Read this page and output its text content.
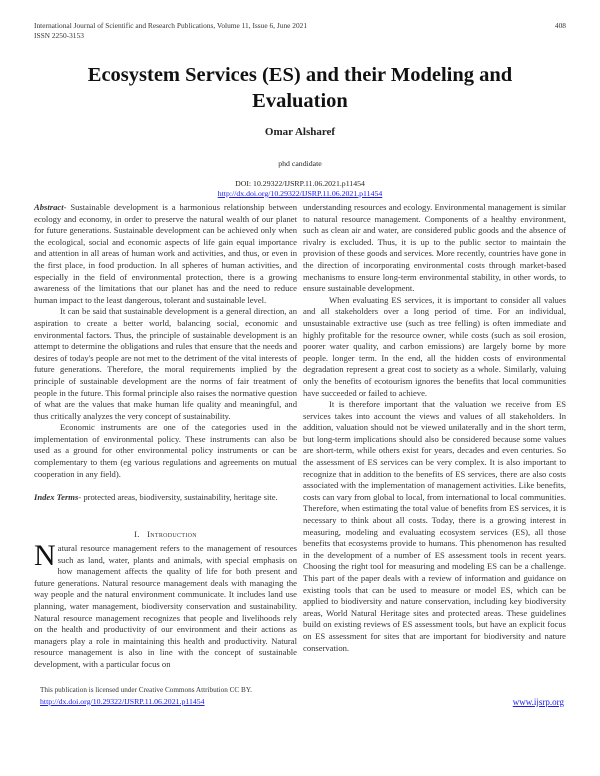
International Journal of Scientific and Research Publications, Volume 11, Issue 6, June 2021
ISSN 2250-3153
408
Ecosystem Services (ES) and their Modeling and Evaluation
Omar Alsharef
phd candidate
DOI: 10.29322/IJSRP.11.06.2021.p11454
http://dx.doi.org/10.29322/IJSRP.11.06.2021.p11454

Abstract- Sustainable development is a harmonious relationship between ecology and economy, in order to preserve the natural wealth of our planet for future generations. Sustainable development can be achieved only when the ecological, social and economic aspects of life gain equal importance and attention in all areas of human work and activities, and thus, or even in the first place, in food production. In all spheres of human activities, and especially in the field of environmental protection, there is a growing awareness of the limitations that our planet has and the need to reduce human impact to the least dangerous, tolerant and sustainable level.

It can be said that sustainable development is a general direction, an aspiration to create a better world, balancing social, economic and environmental factors. Thus, the principle of sustainable development is an attempt to determine the obligations and rules that ensure that the needs and desires of today's people are not met to the detriment of the vital interests of future generations. Therefore, the moral requirements implied by the principle of sustainable development are the norms of fair treatment of people in the future. This formal principle also raises the normative question of what are the values that make human life quality and meaningful, and thus critically analyzes the very concept of sustainability.

Economic instruments are one of the categories used in the implementation of environmental policy. These instruments can also be used as a ground for other environmental policy instruments or can be complementary to them (eg various regulations and agreements on mutual cooperation in any field).

Index Terms- protected areas, biodiversity, sustainability, heritage site.

I. Introduction

Natural resource management refers to the management of resources such as land, water, plants and animals, with special emphasis on how management affects the quality of life for both present and future generations. Natural resource management deals with managing the way people and the natural environment communicate. It includes land use planning, water management, biodiversity conservation and sustainability. Natural resource management recognizes that people and livelihoods rely on the health and productivity of our environment and their actions as managers play a role in maintaining this health and productivity. Natural resource management is also in line with the concept of sustainable development, with a particular focus on

understanding resources and ecology. Environmental management is similar to natural resource management. Components of a healthy environment, such as clean air and water, are considered public goods and the absence of rivalry is excluded. Thus, it is up to the public sector to maintain the provision of these goods and services. More recently, countries have gone in the direction of incorporating environmental costs through market-based mechanisms to ensure long-term environmental stability, in other words, to ensure sustainable development.

When evaluating ES services, it is important to consider all values and all stakeholders over a long period of time. For an individual, unsustainable extractive use (such as tree felling) is often immediate and highly profitable for the resource owner, while costs (such as soil erosion, poorer water quality, and carbon emissions) are largely borne by more people. longer term. In the end, all the hidden costs of environmental degradation represent a great cost to society as a whole. Similarly, valuing only the benefits of ecotourism ignores the benefits that local communities have succeeded or failed to achieve.

It is therefore important that the valuation we receive from ES services takes into account the views and values of all stakeholders. In addition, valuation should not be viewed unilaterally and in the short term, but long-term implications should also be considered because some values are short-term, while others exist for years, decades and even centuries. So the assessment of ES services can be very complex. It is also important to recognize that in addition to the benefits of ES services, there are also costs associated with the implementation of management activities. Like benefits, costs can vary from global to local, from international to local communities. Therefore, when estimating the total value of benefits from ES services, it is necessary to think about all costs. Today, there is a growing interest in measuring, modeling and evaluating ecosystem services (ES), all those benefits that ecosystems provide to humans. This phenomenon has resulted in the development of a number of ES assessment tools in recent years. Choosing the right tool for measuring and modeling ES can be a challenge. This part of the paper deals with a review of information and guidance on existing tools that can be used to measure or model ES, which can be applied to biodiversity and nature conservation, including key biodiversity areas, World Natural Heritage sites and protected areas. These guidelines build on existing reviews of ES assessment tools, but have an explicit focus on ES assessment for sites that are important for biodiversity and nature conservation.

This publication is licensed under Creative Commons Attribution CC BY.
http://dx.doi.org/10.29322/IJSRP.11.06.2021.p11454	www.ijsrp.org
